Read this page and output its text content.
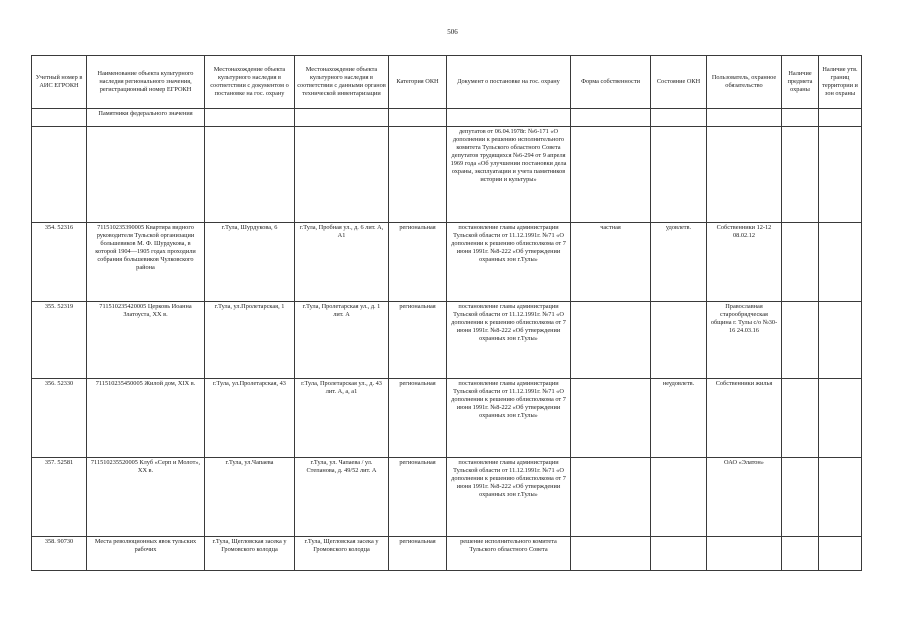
506
Учетный номер в АИС ЕГРОКН	Наименование объекта культурного наследия регионального значения, регистрационный номер ЕГРОКН	Местонахождение объекта культурного наследия в соответствии с документом о постановке на гос. охрану	Местонахождение объекта культурного наследия в соответствии с данными органов технической инвентаризации	Категория ОКН	Документ о постановке на гос. охрану	Форма собственности	Состояние ОКН	Пользователь, охранное обязательство	Наличие предмета охраны	Наличие утв. границ территории и зон охраны
	Памятники федерального значения									
					депутатов от 06.04.1978г. №6-171 «О дополнении к решению исполнительного комитета Тульского областного Совета депутатов трудящихся №6-294 от 9 апреля 1969 года «Об улучшении постановки дела охраны, эксплуатации и учета памятников истории и культуры»					
354. 52316	711510235390005 Квартира видного руководителя Тульской организации большевиков М. Ф. Шурдукова, в которой 1904—1905 годах проходили собрания большевиков Чулковского района	г.Тула, Шурдукова, 6	г.Тула, Пробная ул., д. 6 лит. А, А1	региональная	постановление главы администрации Тульской области от 11.12.1991г. №71 «О дополнении к решению облисполкома от 7 июня 1991г. №8-222 «Об утверждении охранных зон г.Тулы»	частная	удовлетв.	Собственники 12-12 08.02.12		
355. 52319	711510235420005 Церковь Иоанна Златоуста, XX в.	г.Тула, ул.Пролетарская, 1	г.Тула, Пролетарская ул., д. 1 лит. А	региональная	постановление главы администрации Тульской области от 11.12.1991г. №71 «О дополнении к решению облисполкома от 7 июня 1991г. №8-222 «Об утверждении охранных зон г.Тулы»			Православная старообрядческая община г. Тулы с/о №30-16 24.03.16		
356. 52330	711510235450005 Жилой дом, XIX в.	г.Тула, ул.Пролетарская, 43	г.Тула, Пролетарская ул., д. 43 лит. А, а, а1	региональная	постановление главы администрации Тульской области от 11.12.1991г. №71 «О дополнении к решению облисполкома от 7 июня 1991г. №8-222 «Об утверждении охранных зон г.Тулы»		неудовлетв.	Собственники жилья		
357. 52581	711510235520005 Клуб «Серп и Молот», XX в.	г.Тула, ул.Чапаева	г.Тула, ул. Чапаева / ул. Степанова, д. 49/52 лит. А	региональная	постановление главы администрации Тульской области от 11.12.1991г. №71 «О дополнении к решению облисполкома от 7 июня 1991г. №8-222 «Об утверждении охранных зон г.Тулы»			ОАО «Элатон»		
358. 90730	Места революционных явок тульских рабочих	г.Тула, Щегловская засека у Громовского колодца	г.Тула, Щегловская засека у Громовского колодца	региональная	решение исполнительного комитета Тульского областного Совета					
